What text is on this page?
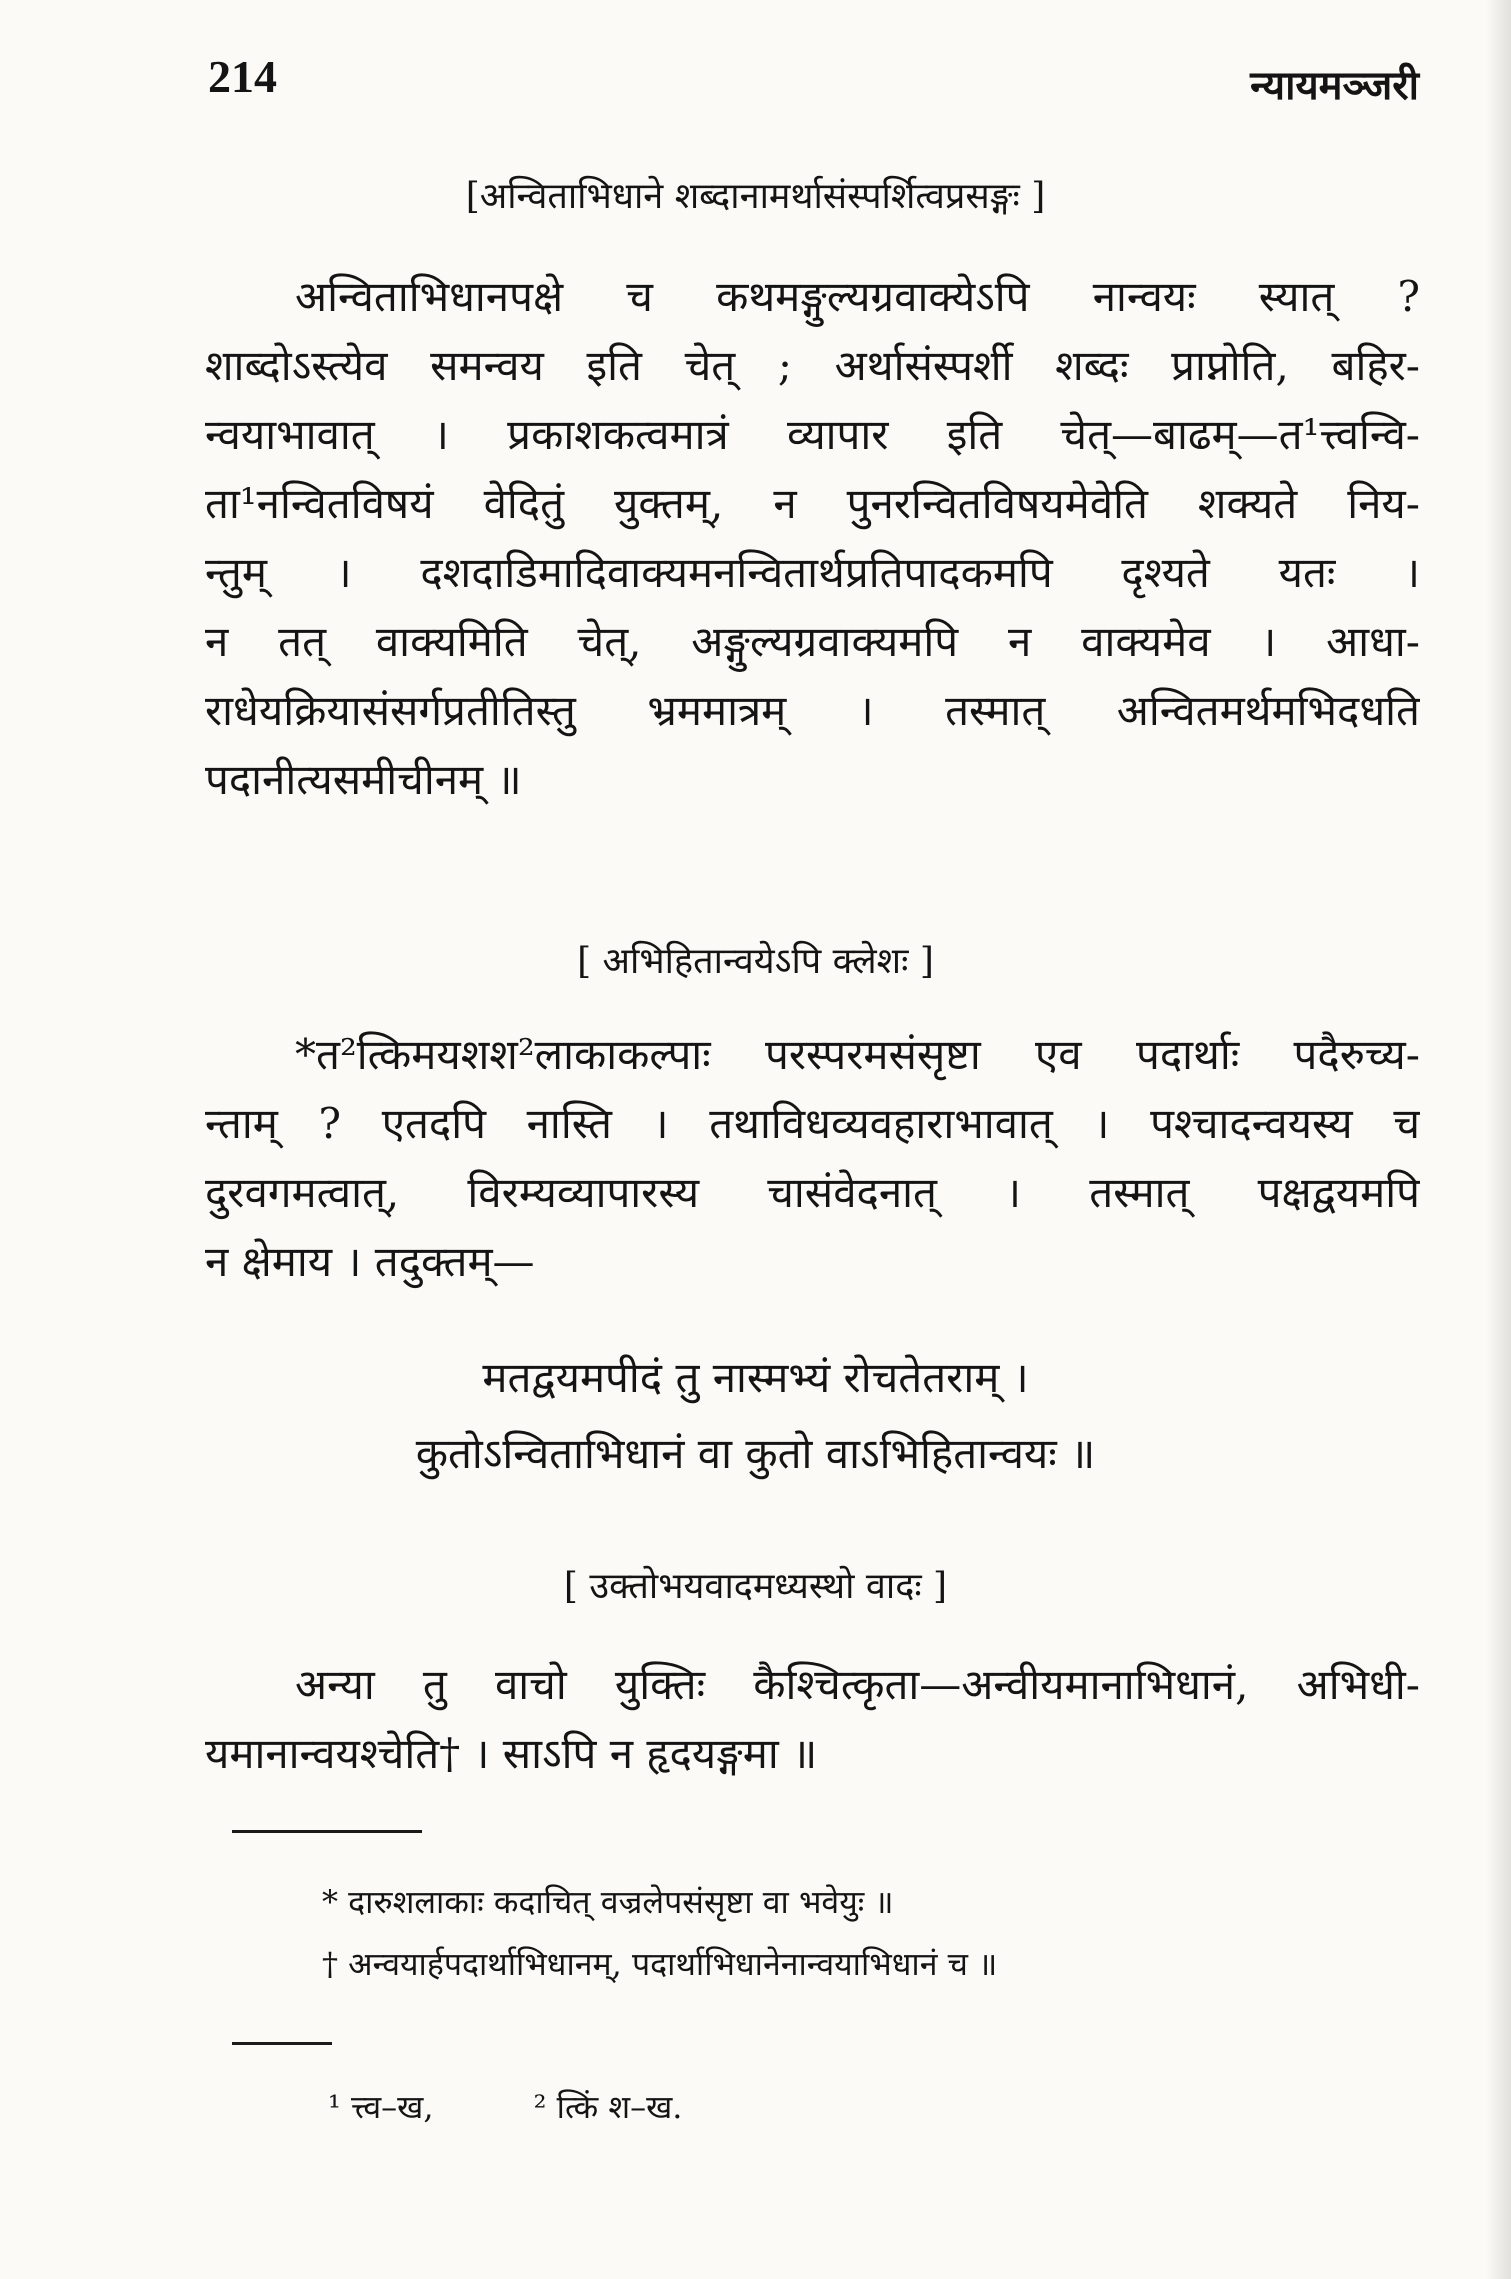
214	न्यायमञ्जरी
[अन्विताभिधाने शब्दानामर्थासंस्पर्शित्वप्रसङ्गः ]
अन्विताभिधानपक्षे च कथमङ्गुल्यग्रवाक्येऽपि नान्वयः स्यात् ?
शाब्दोऽस्त्येव समन्वय इति चेत् ; अर्थासंस्पर्शी शब्दः प्राप्नोति, बहिर-
न्वयाभावात् । प्रकाशकत्वमात्रं व्यापार इति चेत्—बाढम्—त¹त्त्वन्वि-
ता¹नन्वितविषयं वेदितुं युक्तम्, न पुनरन्वितविषयमेवेति शक्यते निय-
न्तुम् । दशदाडिमादिवाक्यमनन्वितार्थप्रतिपादकमपि दृश्यते यतः ।
न तत् वाक्यमिति चेत्, अङ्गुल्यग्रवाक्यमपि न वाक्यमेव । आधा-
राधेयक्रियासंसर्गप्रतीतिस्तु भ्रममात्रम् । तस्मात् अन्वितमर्थमभिदधति
पदानीत्यसमीचीनम् ॥
[ अभिहितान्वयेऽपि क्लेशः ]
*त²त्किमयशश²लाकाकल्पाः परस्परमसंसृष्टा एव पदार्थाः पदैरुच्य-
न्ताम् ? एतदपि नास्ति । तथाविधव्यवहाराभावात् । पश्चादन्वयस्य च
दुरवगमत्वात्, विरम्यव्यापारस्य चासंवेदनात् । तस्मात् पक्षद्वयमपि
न क्षेमाय । तदुक्तम्—
मतद्वयमपीदं तु नास्मभ्यं रोचतेतराम् ।
कुतोऽन्विताभिधानं वा कुतो वाऽभिहितान्वयः ॥
[ उक्तोभयवादमध्यस्थो वादः ]
अन्या तु वाचो युक्तिः कैश्चित्कृता—अन्वीयमानाभिधानं, अभिधी-
यमानान्वयश्चेति† । साऽपि न हृदयङ्गमा ॥
* दारुशलाकाः कदाचित् वज्रलेपसंसृष्टा वा भवेयुः ॥
† अन्वयार्हपदार्थाभिधानम्, पदार्थाभिधानेनान्वयाभिधानं च ॥
¹ त्त्व–ख,	² त्किं श–ख.
